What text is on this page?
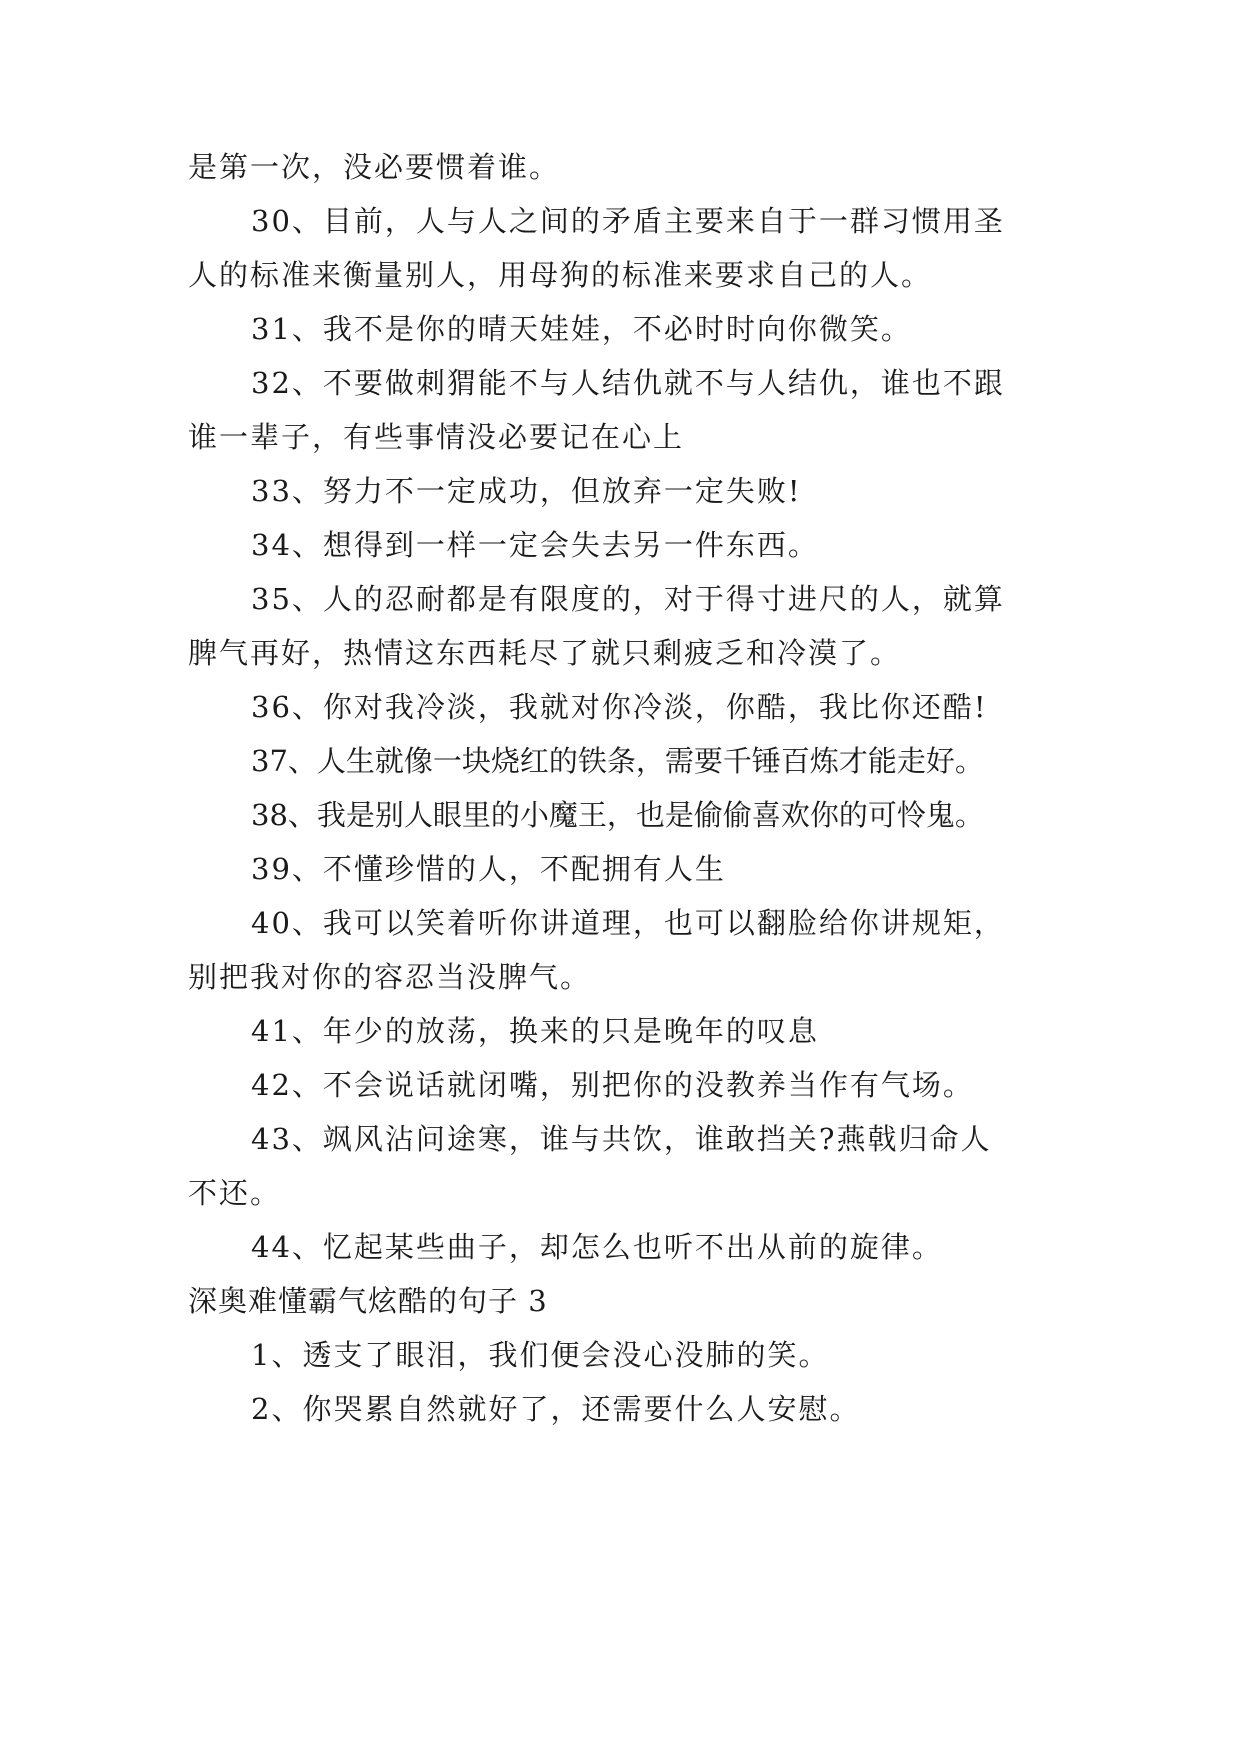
是第一次，没必要惯着谁。
30、目前，人与人之间的矛盾主要来自于一群习惯用圣
人的标准来衡量别人，用母狗的标准来要求自己的人。
31、我不是你的晴天娃娃，不必时时向你微笑。
32、不要做刺猬能不与人结仇就不与人结仇，谁也不跟
谁一辈子，有些事情没必要记在心上
33、努力不一定成功，但放弃一定失败!
34、想得到一样一定会失去另一件东西。
35、人的忍耐都是有限度的，对于得寸进尺的人，就算
脾气再好，热情这东西耗尽了就只剩疲乏和冷漠了。
36、你对我冷淡，我就对你冷淡，你酷，我比你还酷!
37、人生就像一块烧红的铁条，需要千锤百炼才能走好。
38、我是别人眼里的小魔王，也是偷偷喜欢你的可怜鬼。
39、不懂珍惜的人，不配拥有人生
40、我可以笑着听你讲道理，也可以翻脸给你讲规矩，
别把我对你的容忍当没脾气。
41、年少的放荡，换来的只是晚年的叹息
42、不会说话就闭嘴，别把你的没教养当作有气场。
43、飒风沾问途寒，谁与共饮，谁敢挡关?燕戟归命人
不还。
44、忆起某些曲子，却怎么也听不出从前的旋律。
深奥难懂霸气炫酷的句子 3
1、透支了眼泪，我们便会没心没肺的笑。
2、你哭累自然就好了，还需要什么人安慰。
